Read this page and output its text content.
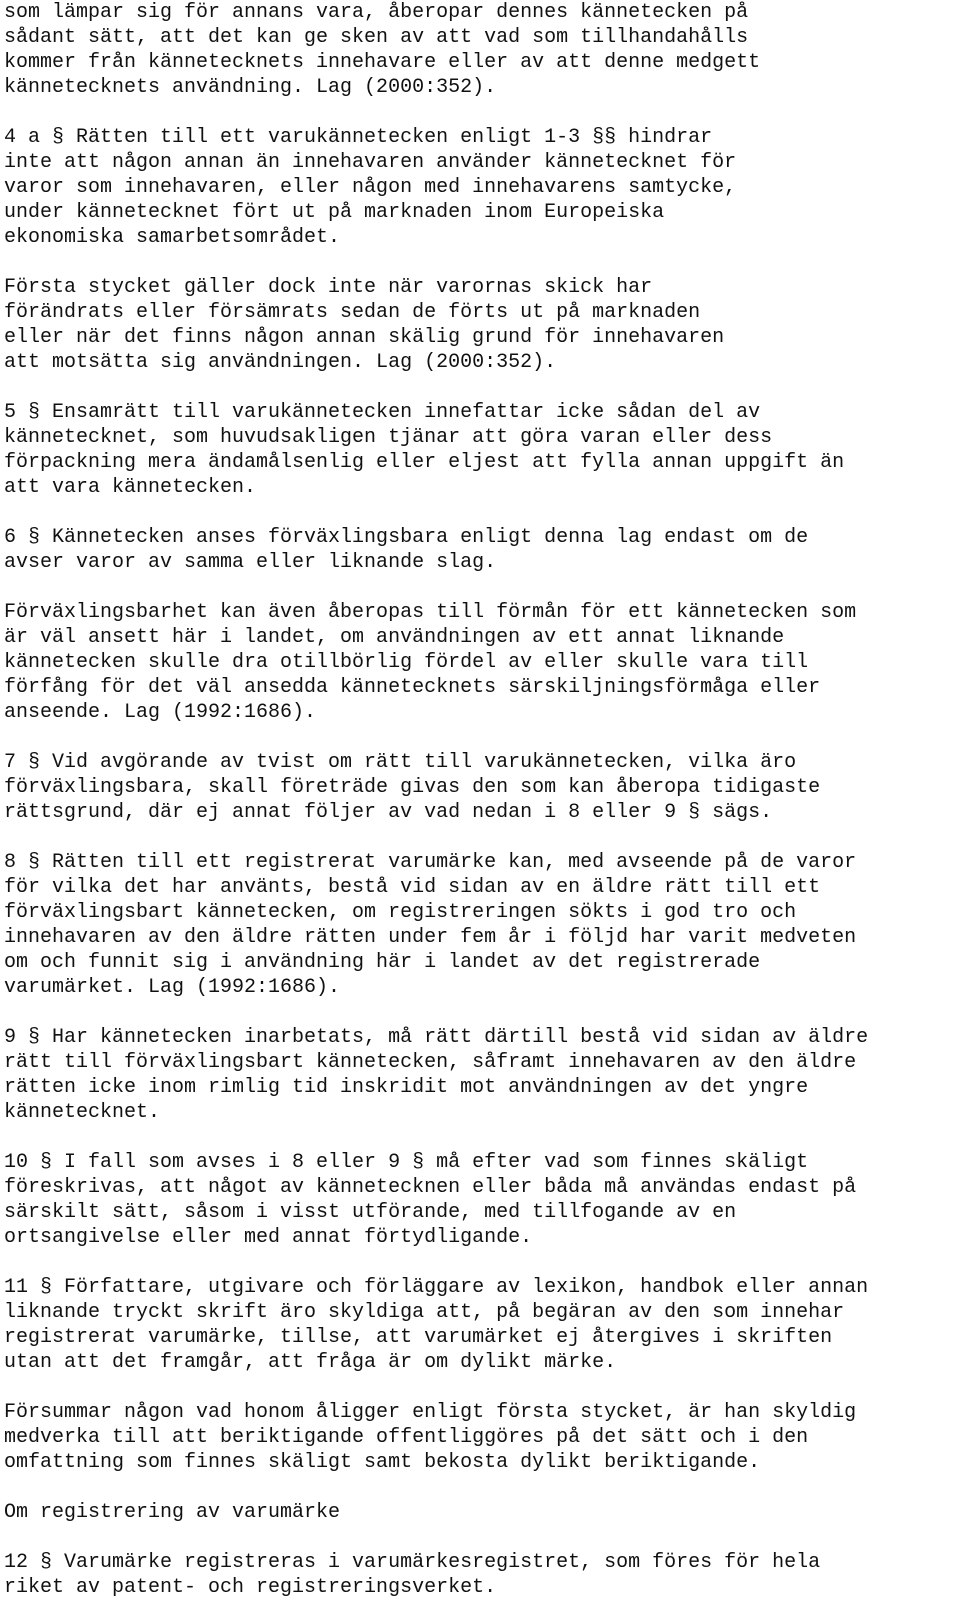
som lämpar sig för annans vara, åberopar dennes kännetecken på
sådant sätt, att det kan ge sken av att vad som tillhandahålls
kommer från kännetecknets innehavare eller av att denne medgett
kännetecknets användning. Lag (2000:352).
4 a § Rätten till ett varukännetecken enligt 1-3 §§ hindrar
inte att någon annan än innehavaren använder kännetecknet för
varor som innehavaren, eller någon med innehavarens samtycke,
under kännetecknet fört ut på marknaden inom Europeiska
ekonomiska samarbetsområdet.
Första stycket gäller dock inte när varornas skick har
förändrats eller försämrats sedan de förts ut på marknaden
eller när det finns någon annan skälig grund för innehavaren
att motsätta sig användningen. Lag (2000:352).
5 § Ensamrätt till varukännetecken innefattar icke sådan del av
kännetecknet, som huvudsakligen tjänar att göra varan eller dess
förpackning mera ändamålsenlig eller eljest att fylla annan uppgift än
att vara kännetecken.
6 § Kännetecken anses förväxlingsbara enligt denna lag endast om de
avser varor av samma eller liknande slag.
Förväxlingsbarhet kan även åberopas till förmån för ett kännetecken som
är väl ansett här i landet, om användningen av ett annat liknande
kännetecken skulle dra otillbörlig fördel av eller skulle vara till
förfång för det väl ansedda kännetecknets särskiljningsförmåga eller
anseende. Lag (1992:1686).
7 § Vid avgörande av tvist om rätt till varukännetecken, vilka äro
förväxlingsbara, skall företräde givas den som kan åberopa tidigaste
rättsgrund, där ej annat följer av vad nedan i 8 eller 9 § sägs.
8 § Rätten till ett registrerat varumärke kan, med avseende på de varor
för vilka det har använts, bestå vid sidan av en äldre rätt till ett
förväxlingsbart kännetecken, om registreringen sökts i god tro och
innehavaren av den äldre rätten under fem år i följd har varit medveten
om och funnit sig i användning här i landet av det registrerade
varumärket. Lag (1992:1686).
9 § Har kännetecken inarbetats, må rätt därtill bestå vid sidan av äldre
rätt till förväxlingsbart kännetecken, såframt innehavaren av den äldre
rätten icke inom rimlig tid inskridit mot användningen av det yngre
kännetecknet.
10 § I fall som avses i 8 eller 9 § må efter vad som finnes skäligt
föreskrivas, att något av kännetecknen eller båda må användas endast på
särskilt sätt, såsom i visst utförande, med tillfogande av en
ortsangivelse eller med annat förtydligande.
11 § Författare, utgivare och förläggare av lexikon, handbok eller annan
liknande tryckt skrift äro skyldiga att, på begäran av den som innehar
registrerat varumärke, tillse, att varumärket ej återgives i skriften
utan att det framgår, att fråga är om dylikt märke.
Försummar någon vad honom åligger enligt första stycket, är han skyldig
medverka till att beriktigande offentliggöres på det sätt och i den
omfattning som finnes skäligt samt bekosta dylikt beriktigande.
Om registrering av varumärke
12 § Varumärke registreras i varumärkesregistret, som föres för hela
riket av patent- och registreringsverket.
